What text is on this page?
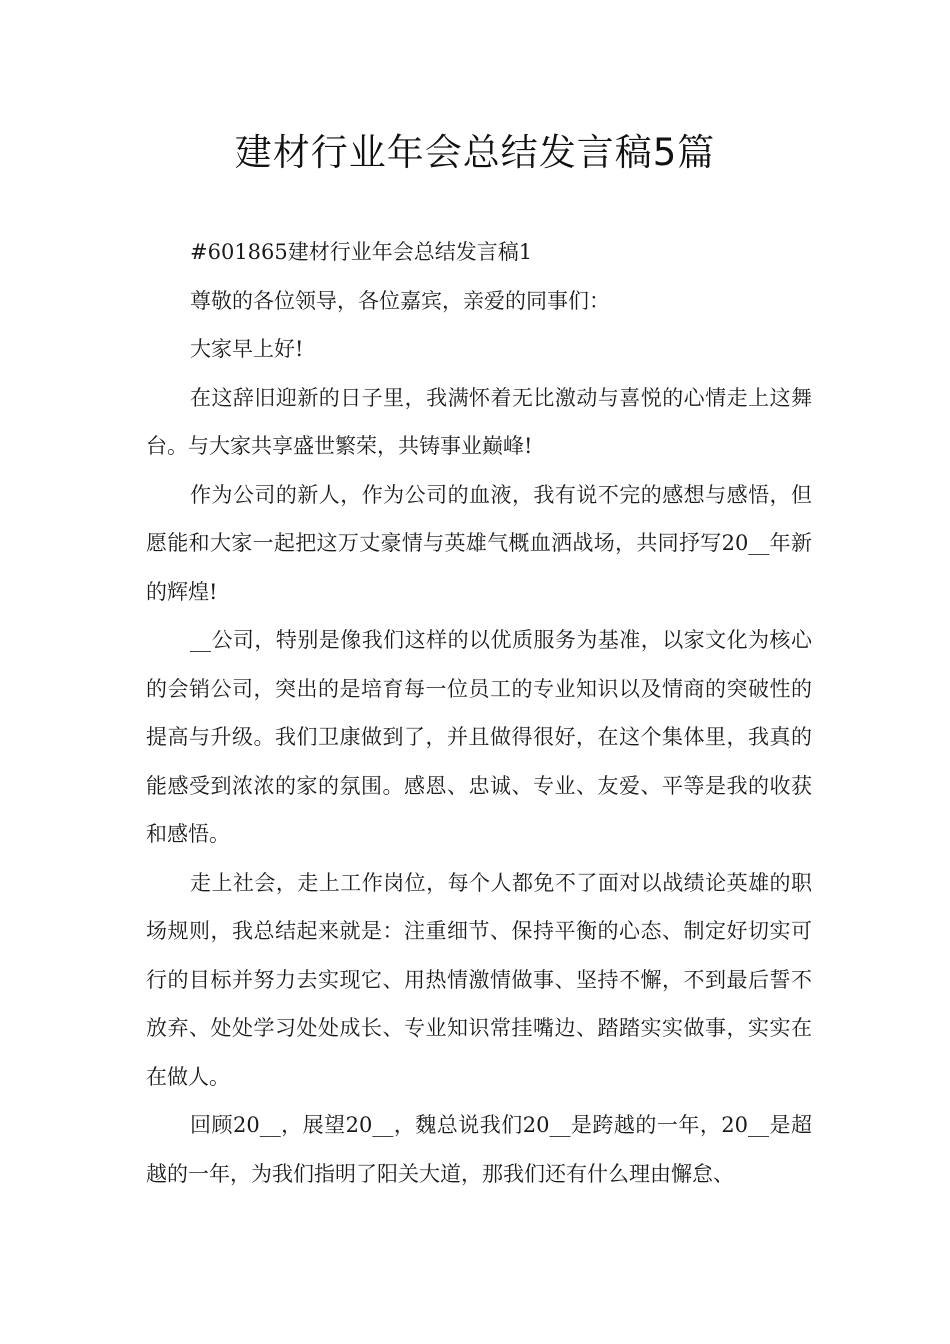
建材行业年会总结发言稿5篇

#601865建材行业年会总结发言稿1

尊敬的各位领导，各位嘉宾，亲爱的同事们：

大家早上好!

在这辞旧迎新的日子里，我满怀着无比激动与喜悦的心情走上这舞台。与大家共享盛世繁荣，共铸事业巅峰!

作为公司的新人，作为公司的血液，我有说不完的感想与感悟，但愿能和大家一起把这万丈豪情与英雄气概血洒战场，共同抒写20__年新的辉煌!

__公司，特别是像我们这样的以优质服务为基准，以家文化为核心的会销公司，突出的是培育每一位员工的专业知识以及情商的突破性的提高与升级。我们卫康做到了，并且做得很好，在这个集体里，我真的能感受到浓浓的家的氛围。感恩、忠诚、专业、友爱、平等是我的收获和感悟。

走上社会，走上工作岗位，每个人都免不了面对以战绩论英雄的职场规则，我总结起来就是：注重细节、保持平衡的心态、制定好切实可行的目标并努力去实现它、用热情激情做事、坚持不懈，不到最后誓不放弃、处处学习处处成长、专业知识常挂嘴边、踏踏实实做事，实实在在做人。

回顾20__，展望20__，魏总说我们20__是跨越的一年，20__是超越的一年，为我们指明了阳关大道，那我们还有什么理由懈怠、
